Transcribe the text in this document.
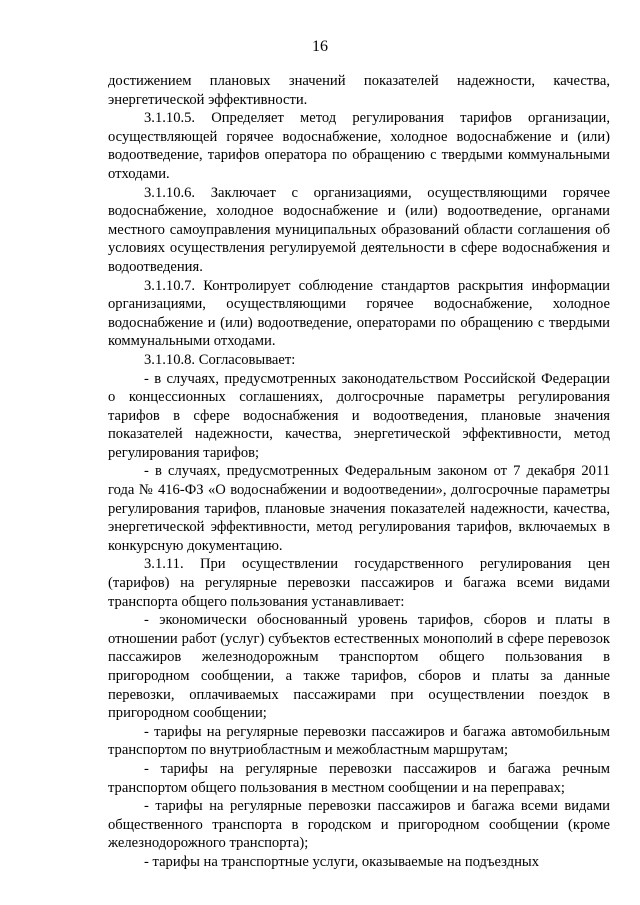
16

достижением плановых значений показателей надежности, качества, энергетической эффективности.

3.1.10.5. Определяет метод регулирования тарифов организации, осуществляющей горячее водоснабжение, холодное водоснабжение и (или) водоотведение, тарифов оператора по обращению с твердыми коммунальными отходами.

3.1.10.6. Заключает с организациями, осуществляющими горячее водоснабжение, холодное водоснабжение и (или) водоотведение, органами местного самоуправления муниципальных образований области соглашения об условиях осуществления регулируемой деятельности в сфере водоснабжения и водоотведения.

3.1.10.7. Контролирует соблюдение стандартов раскрытия информации организациями, осуществляющими горячее водоснабжение, холодное водоснабжение и (или) водоотведение, операторами по обращению с твердыми коммунальными отходами.

3.1.10.8. Согласовывает:

- в случаях, предусмотренных законодательством Российской Федерации о концессионных соглашениях, долгосрочные параметры регулирования тарифов в сфере водоснабжения и водоотведения, плановые значения показателей надежности, качества, энергетической эффективности, метод регулирования тарифов;

- в случаях, предусмотренных Федеральным законом от 7 декабря 2011 года № 416-ФЗ «О водоснабжении и водоотведении», долгосрочные параметры регулирования тарифов, плановые значения показателей надежности, качества, энергетической эффективности, метод регулирования тарифов, включаемых в конкурсную документацию.

3.1.11. При осуществлении государственного регулирования цен (тарифов) на регулярные перевозки пассажиров и багажа всеми видами транспорта общего пользования устанавливает:

- экономически обоснованный уровень тарифов, сборов и платы в отношении работ (услуг) субъектов естественных монополий в сфере перевозок пассажиров железнодорожным транспортом общего пользования в пригородном сообщении, а также тарифов, сборов и платы за данные перевозки, оплачиваемых пассажирами при осуществлении поездок в пригородном сообщении;

- тарифы на регулярные перевозки пассажиров и багажа автомобильным транспортом по внутриобластным и межобластным маршрутам;

- тарифы на регулярные перевозки пассажиров и багажа речным транспортом общего пользования в местном сообщении и на переправах;

- тарифы на регулярные перевозки пассажиров и багажа всеми видами общественного транспорта в городском и пригородном сообщении (кроме железнодорожного транспорта);

- тарифы на транспортные услуги, оказываемые на подъездных
